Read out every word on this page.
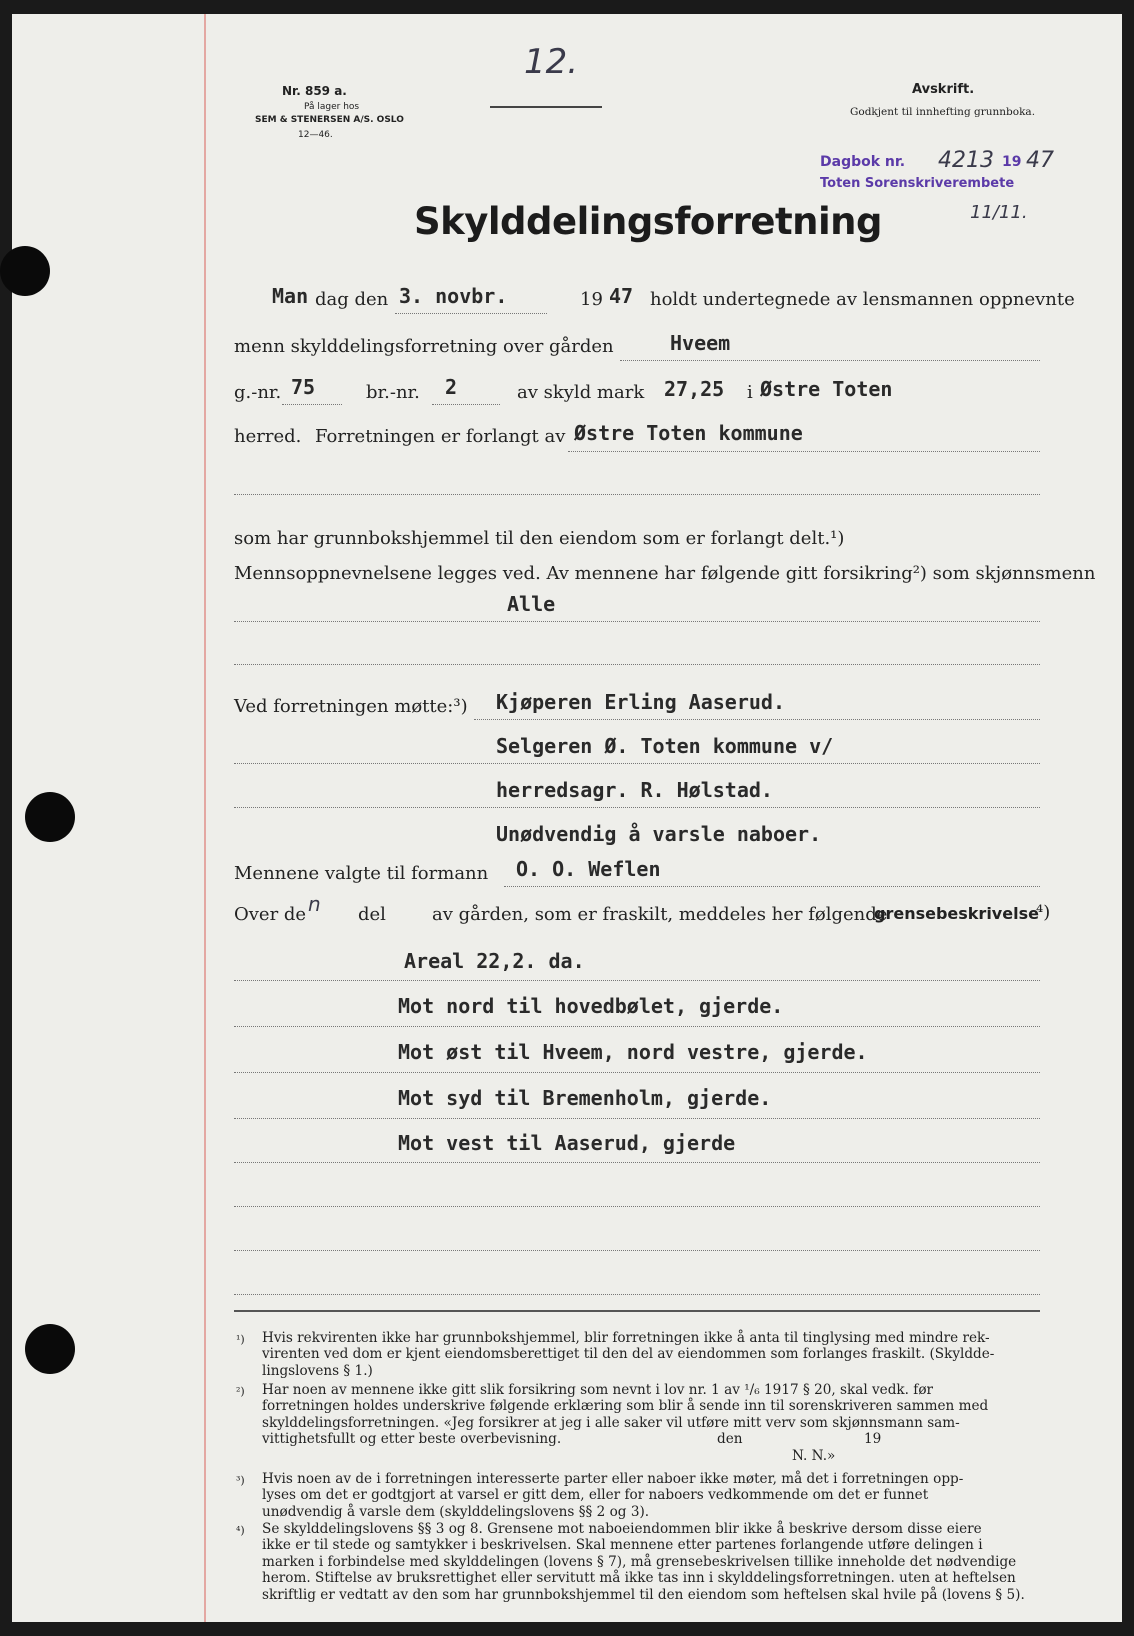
Nr. 859 a.
På lager hos
SEM & STENERSEN A/S. OSLO
12—46.
12.
Avskrift.
Godkjent til innhefting grunnboka.
Dagbok nr. 4213 19 47
Toten Sorenskriverembete
11/11.
Skylddelingsforretning
Man dag den 3. novbr.	19 47 holdt undertegnede av lensmannen oppnevnte
menn skylddelingsforretning over gården	Hveem
g.-nr. 75	br.-nr. 2	av skyld mark 27,25 i Østre Toten
herred. Forretningen er forlangt av Østre Toten kommune
som har grunnbokshjemmel til den eiendom som er forlangt delt.¹)
Mennsoppnevnelsene legges ved. Av mennene har følgende gitt forsikring²) som skjønnsmenn
Alle
Ved forretningen møtte:³) Kjøperen Erling Aaserud.
Selgeren Ø. Toten kommune v/
herredsagr. R. Hølstad.
Unødvendig å varsle naboer.
Mennene valgte til formann O. O. Weflen
Over de n del	av gården, som er fraskilt, meddeles her følgende
grensebeskrivelse
⁴)
Areal 22,2. da.
Mot nord til hovedbølet, gjerde.
Mot øst til Hveem, nord vestre, gjerde.
Mot syd til Bremenholm, gjerde.
Mot vest til Aaserud, gjerde
¹) Hvis rekvirenten ikke har grunnbokshjemmel, blir forretningen ikke å anta til tinglysing med mindre rek-
virenten ved dom er kjent eiendomsberettiget til den del av eiendommen som forlanges fraskilt. (Skyldde-
lingslovens § 1.)
²) Har noen av mennene ikke gitt slik forsikring som nevnt i lov nr. 1 av ¹/₆ 1917 § 20, skal vedk. før
forretningen holdes underskrive følgende erklæring som blir å sende inn til sorenskriveren sammen med
skylddelingsforretningen. «Jeg forsikrer at jeg i alle saker vil utføre mitt verv som skjønnsmann sam-
vittighetsfullt og etter beste overbevisning.	den	19
N. N.»
³) Hvis noen av de i forretningen interesserte parter eller naboer ikke møter, må det i forretningen opp-
lyses om det er godtgjort at varsel er gitt dem, eller for naboers vedkommende om det er funnet
unødvendig å varsle dem (skylddelingslovens §§ 2 og 3).
⁴) Se skylddelingslovens §§ 3 og 8. Grensene mot naboeiendommen blir ikke å beskrive dersom disse eiere
ikke er til stede og samtykker i beskrivelsen. Skal mennene etter partenes forlangende utføre delingen i
marken i forbindelse med skylddelingen (lovens § 7), må grensebeskrivelsen tillike inneholde det nødvendige
herom. Stiftelse av bruksrettighet eller servitutt må ikke tas inn i skylddelingsforretningen. uten at heftelsen
skriftlig er vedtatt av den som har grunnbokshjemmel til den eiendom som heftelsen skal hvile på (lovens § 5).
